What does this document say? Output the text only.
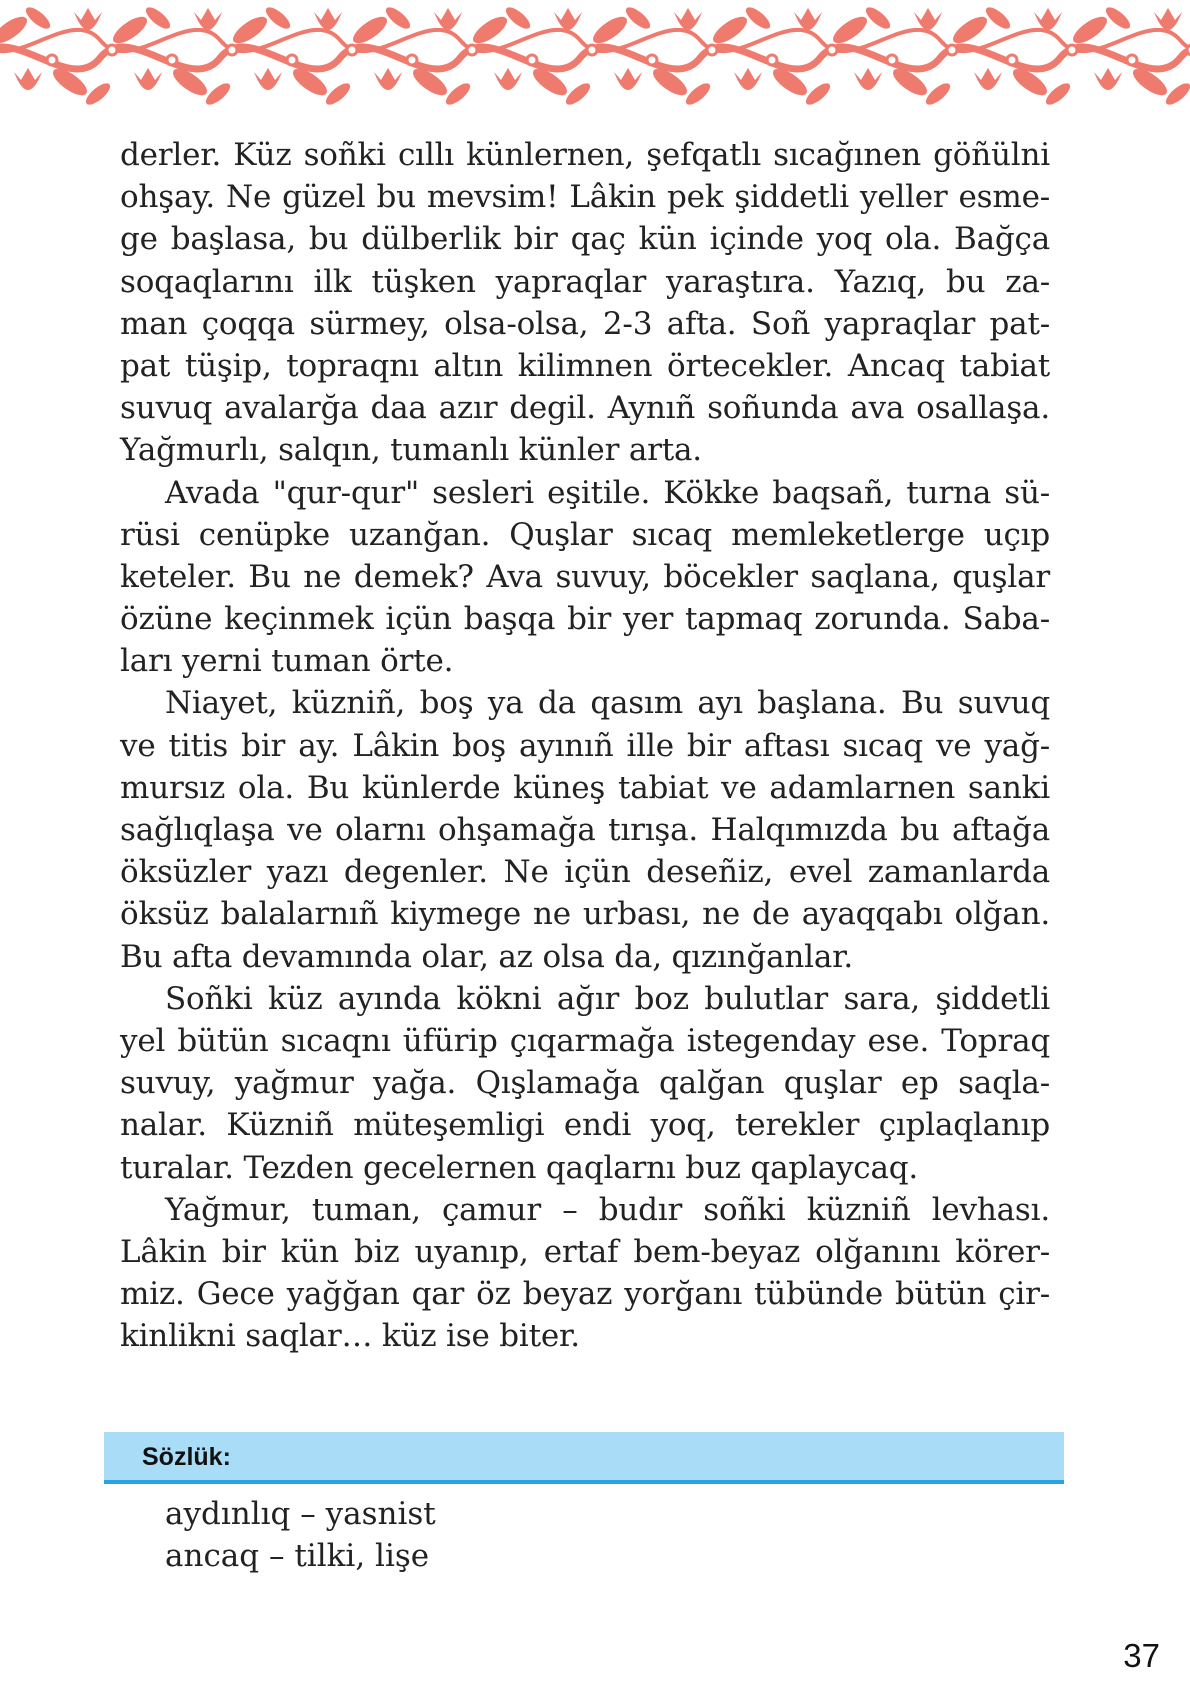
derler. Küz soñki cıllı künlernen, şefqatlı sıcağınen göñülni
ohşay. Ne güzel bu mevsim! Lâkin pek şiddetli yeller esme-
ge başlasa, bu dülberlik bir qaç kün içinde yoq ola. Bağça
soqaqlarını ilk tüşken yapraqlar yaraştıra. Yazıq, bu za-
man çoqqa sürmey, olsa-olsa, 2-3 afta. Soñ yapraqlar pat-
pat tüşip, topraqnı altın kilimnen örtecekler. Ancaq tabiat
suvuq avalarğa daa azır degil. Aynıñ soñunda ava osallaşa.
Yağmurlı, salqın, tumanlı künler arta.
Avada "qur-qur" sesleri eşitile. Kökke baqsañ, turna sü-
rüsi cenüpke uzanğan. Quşlar sıcaq memleketlerge uçıp
keteler. Bu ne demek? Ava suvuy, böcekler saqlana, quşlar
özüne keçinmek içün başqa bir yer tapmaq zorunda. Saba-
ları yerni tuman örte.
Niayet, küzniñ, boş ya da qasım ayı başlana. Bu suvuq
ve titis bir ay. Lâkin boş ayınıñ ille bir aftası sıcaq ve yağ-
mursız ola. Bu künlerde küneş tabiat ve adamlarnen sanki
sağlıqlaşa ve olarnı ohşamağa tırışa. Halqımızda bu aftağa
öksüzler yazı degenler. Ne içün deseñiz, evel zamanlarda
öksüz balalarnıñ kiymege ne urbası, ne de ayaqqabı olğan.
Bu afta devamında olar, az olsa da, qızınğanlar.
Soñki küz ayında kökni ağır boz bulutlar sara, şiddetli
yel bütün sıcaqnı üfürip çıqarmağa istegenday ese. Topraq
suvuy, yağmur yağa. Qışlamağa qalğan quşlar ep saqla-
nalar. Küzniñ müteşemligi endi yoq, terekler çıplaqlanıp
turalar. Tezden gecelernen qaqlarnı buz qaplaycaq.
Yağmur, tuman, çamur – budır soñki küzniñ levhası.
Lâkin bir kün biz uyanıp, ertaf bem-beyaz olğanını körer-
miz. Gece yağğan qar öz beyaz yorğanı tübünde bütün çir-
kinlikni saqlar… küz ise biter.
Sözlük:
aydınlıq – yasnist
ancaq – tilki, lişe
37
